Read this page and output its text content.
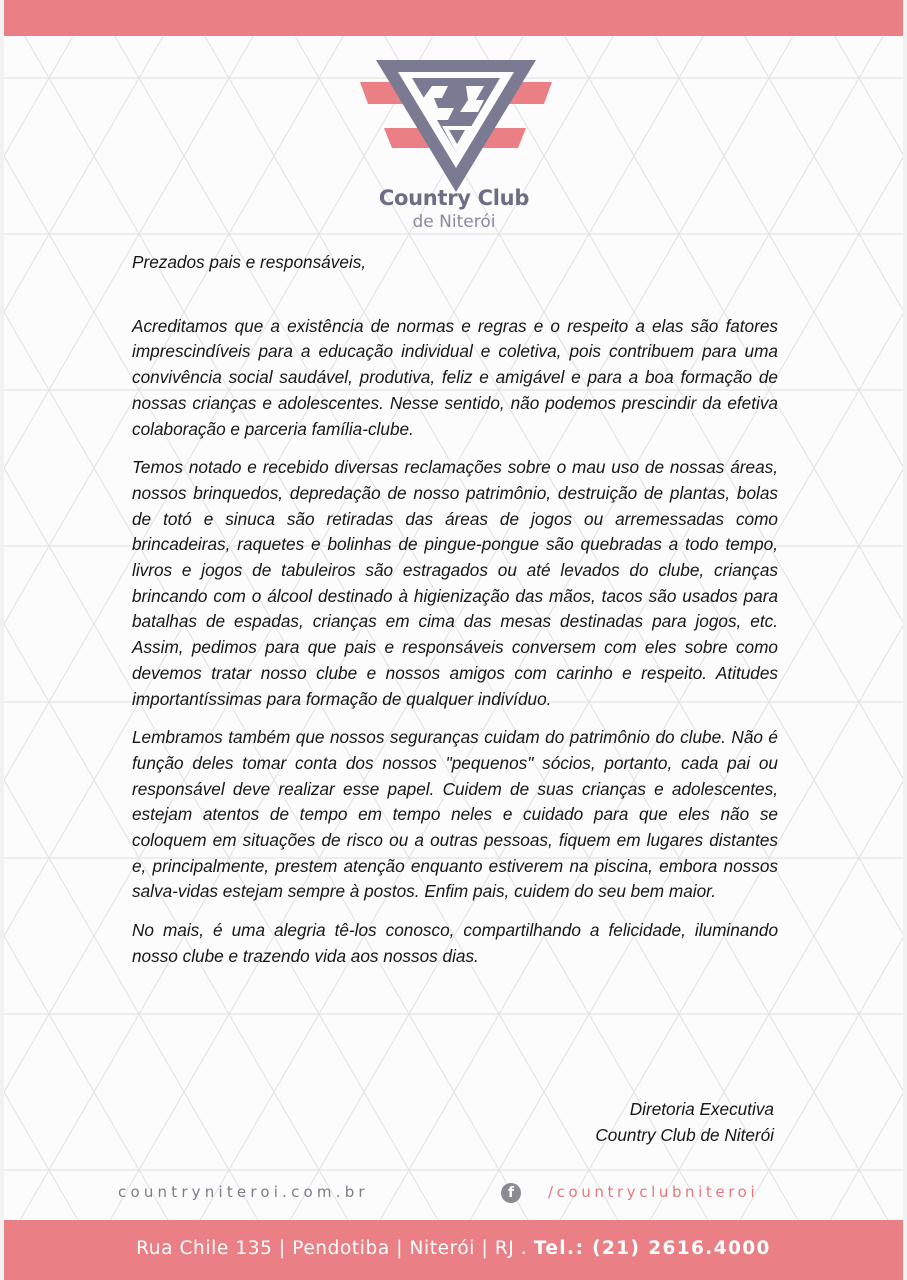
Country Club
de Niterói

Prezados pais e responsáveis,

Acreditamos que a existência de normas e regras e o respeito a elas são fatores imprescindíveis para a educação individual e coletiva, pois contribuem para uma convivência social saudável, produtiva, feliz e amigável e para a boa formação de nossas crianças e adolescentes. Nesse sentido, não podemos prescindir da efetiva colaboração e parceria família-clube.

Temos notado e recebido diversas reclamações sobre o mau uso de nossas áreas, nossos brinquedos, depredação de nosso patrimônio, destruição de plantas, bolas de totó e sinuca são retiradas das áreas de jogos ou arremessadas como brincadeiras, raquetes e bolinhas de pingue-pongue são quebradas a todo tempo, livros e jogos de tabuleiros são estragados ou até levados do clube, crianças brincando com o álcool destinado à higienização das mãos, tacos são usados para batalhas de espadas, crianças em cima das mesas destinadas para jogos, etc. Assim, pedimos para que pais e responsáveis conversem com eles sobre como devemos tratar nosso clube e nossos amigos com carinho e respeito. Atitudes importantíssimas para formação de qualquer indivíduo.

Lembramos também que nossos seguranças cuidam do patrimônio do clube. Não é função deles tomar conta dos nossos "pequenos" sócios, portanto, cada pai ou responsável deve realizar esse papel. Cuidem de suas crianças e adolescentes, estejam atentos de tempo em tempo neles e cuidado para que eles não se coloquem em situações de risco ou a outras pessoas, fiquem em lugares distantes e, principalmente, prestem atenção enquanto estiverem na piscina, embora nossos salva-vidas estejam sempre à postos. Enfim pais, cuidem do seu bem maior.

No mais, é uma alegria tê-los conosco, compartilhando a felicidade, iluminando nosso clube e trazendo vida aos nossos dias.

Diretoria Executiva
Country Club de Niterói
countryniteroi.com.br	f	/countryclubniteroi
Rua Chile 135 | Pendotiba | Niterói | RJ . Tel.: (21) 2616.4000
